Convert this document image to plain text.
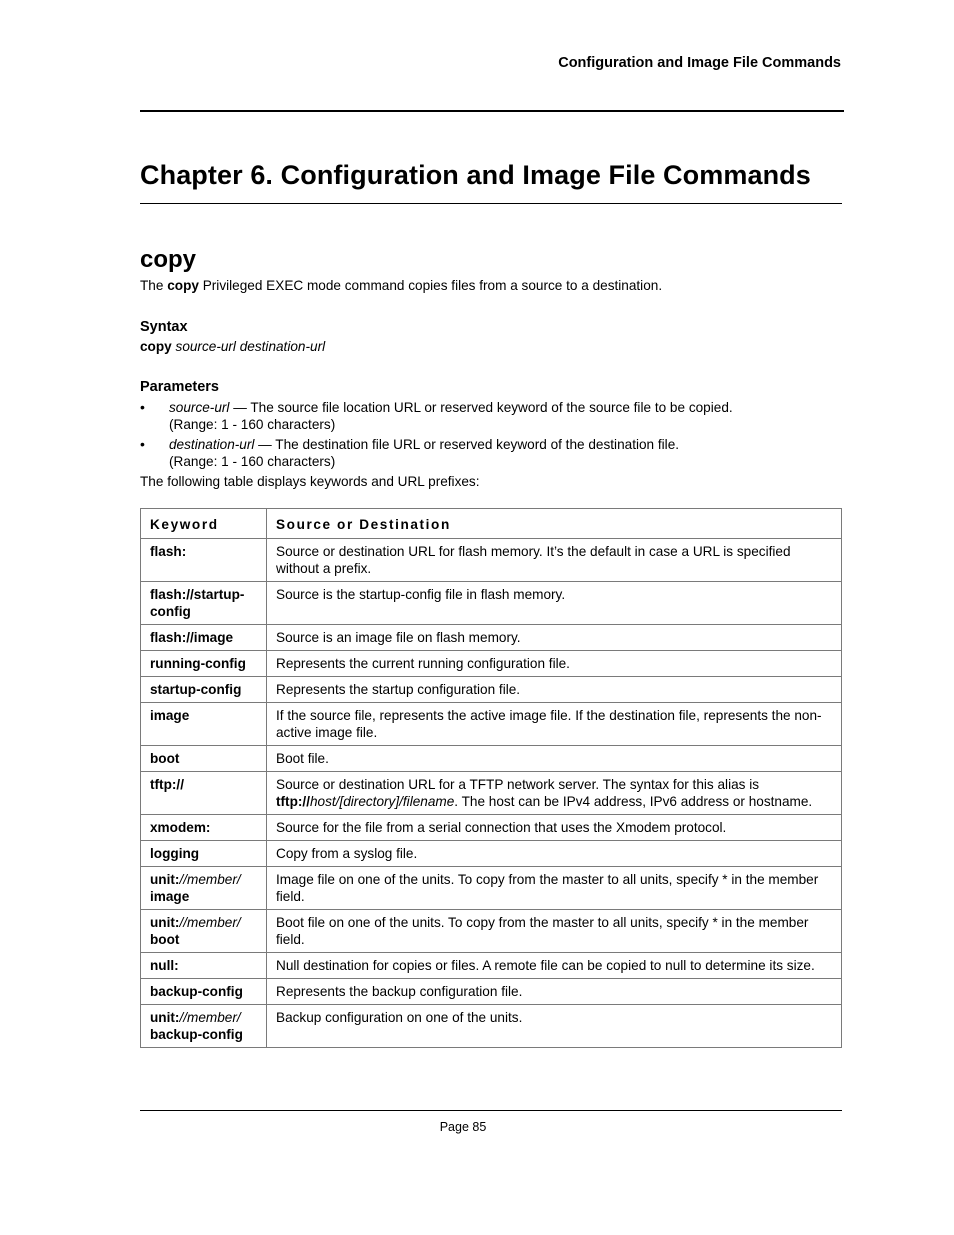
Configuration and Image File Commands
Chapter 6. Configuration and Image File Commands
copy
The copy Privileged EXEC mode command copies files from a source to a destination.
Syntax
copy source-url destination-url
Parameters
• source-url — The source file location URL or reserved keyword of the source file to be copied.
(Range: 1 - 160 characters)
• destination-url — The destination file URL or reserved keyword of the destination file.
(Range: 1 - 160 characters)
The following table displays keywords and URL prefixes:
Keyword	Source or Destination
flash:	Source or destination URL for flash memory. It’s the default in case a URL is specified without a prefix.
flash://startup-config	Source is the startup-config file in flash memory.
flash://image	Source is an image file on flash memory.
running-config	Represents the current running configuration file.
startup-config	Represents the startup configuration file.
image	If the source file, represents the active image file. If the destination file, represents the non-active image file.
boot	Boot file.
tftp://	Source or destination URL for a TFTP network server. The syntax for this alias is tftp://host/[directory]/filename. The host can be IPv4 address, IPv6 address or hostname.
xmodem:	Source for the file from a serial connection that uses the Xmodem protocol.
logging	Copy from a syslog file.
unit://member/
image	Image file on one of the units. To copy from the master to all units, specify * in the member field.
unit://member/
boot	Boot file on one of the units. To copy from the master to all units, specify * in the member field.
null:	Null destination for copies or files. A remote file can be copied to null to determine its size.
backup-config	Represents the backup configuration file.
unit://member/
backup-config	Backup configuration on one of the units.
Page 85
